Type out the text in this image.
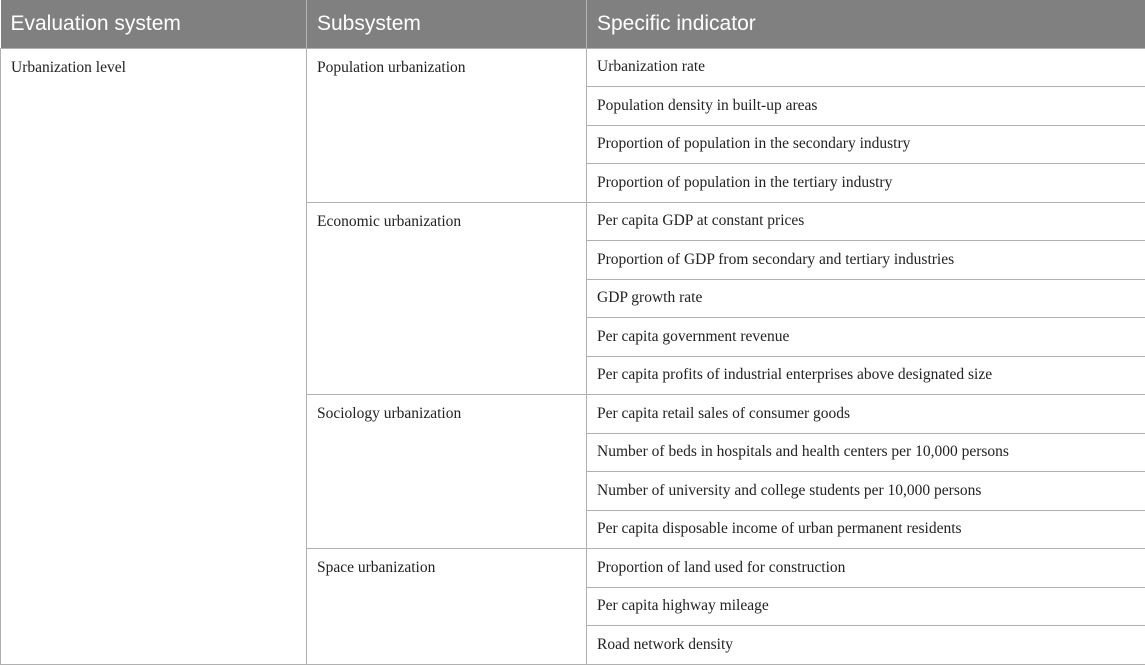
Evaluation system	Subsystem	Specific indicator
Urbanization level	Population urbanization	Urbanization rate
		Population density in built-up areas
		Proportion of population in the secondary industry
		Proportion of population in the tertiary industry
	Economic urbanization	Per capita GDP at constant prices
		Proportion of GDP from secondary and tertiary industries
		GDP growth rate
		Per capita government revenue
		Per capita profits of industrial enterprises above designated size
	Sociology urbanization	Per capita retail sales of consumer goods
		Number of beds in hospitals and health centers per 10,000 persons
		Number of university and college students per 10,000 persons
		Per capita disposable income of urban permanent residents
	Space urbanization	Proportion of land used for construction
		Per capita highway mileage
		Road network density
